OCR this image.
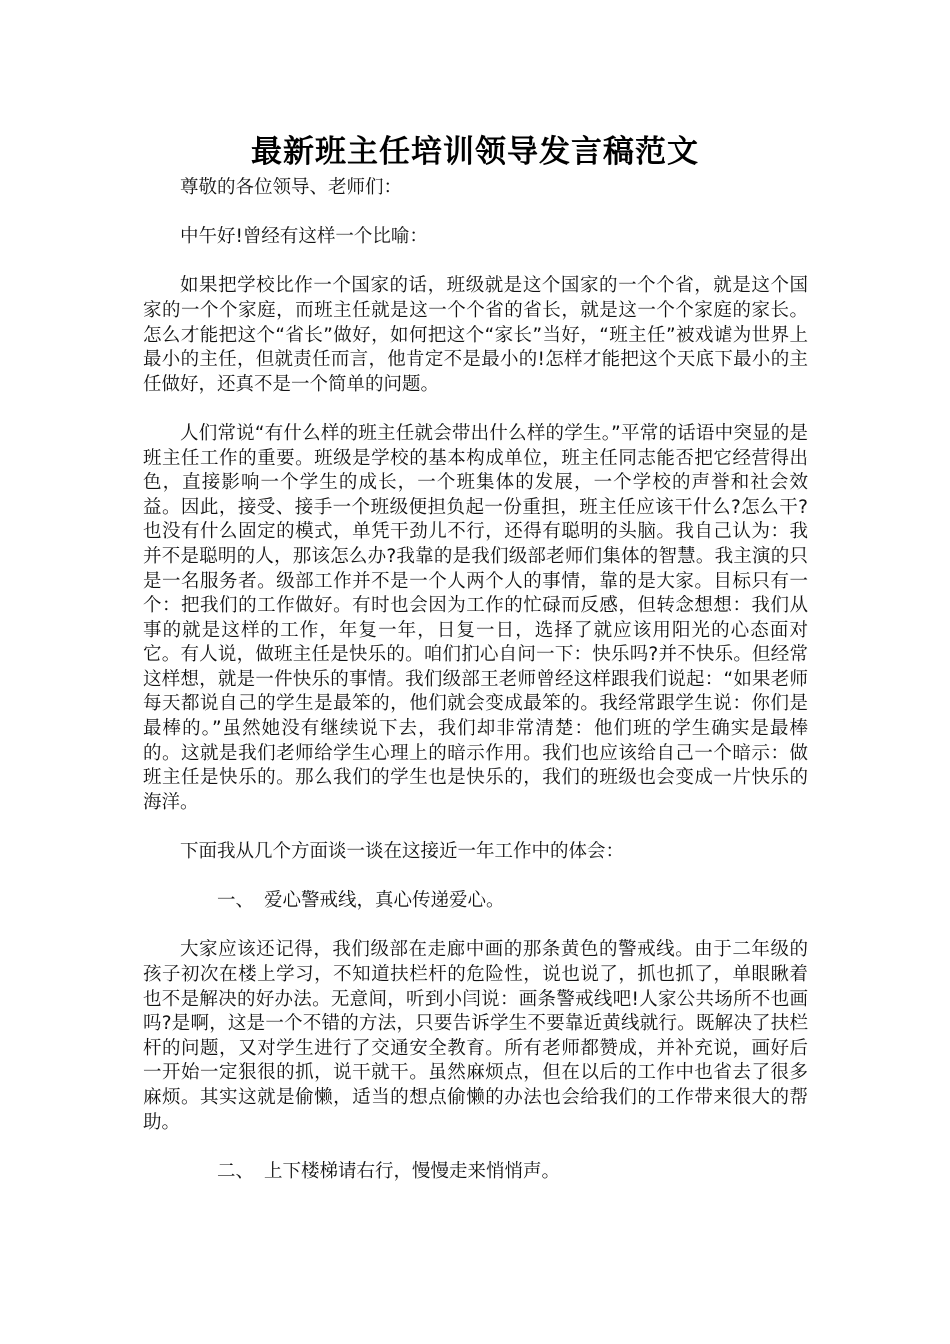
最新班主任培训领导发言稿范文

尊敬的各位领导、老师们：

中午好!曾经有这样一个比喻：

如果把学校比作一个国家的话，班级就是这个国家的一个个省，就是这个国家的一个个家庭，而班主任就是这一个个省的省长，就是这一个个家庭的家长。怎么才能把这个“省长”做好，如何把这个“家长”当好，“班主任”被戏谑为世界上最小的主任，但就责任而言，他肯定不是最小的!怎样才能把这个天底下最小的主任做好，还真不是一个简单的问题。

人们常说“有什么样的班主任就会带出什么样的学生。”平常的话语中突显的是班主任工作的重要。班级是学校的基本构成单位，班主任同志能否把它经营得出色，直接影响一个学生的成长，一个班集体的发展，一个学校的声誉和社会效益。因此，接受、接手一个班级便担负起一份重担，班主任应该干什么?怎么干?也没有什么固定的模式，单凭干劲儿不行，还得有聪明的头脑。我自己认为：我并不是聪明的人，那该怎么办?我靠的是我们级部老师们集体的智慧。我主演的只是一名服务者。级部工作并不是一个人两个人的事情，靠的是大家。目标只有一个：把我们的工作做好。有时也会因为工作的忙碌而反感，但转念想想：我们从事的就是这样的工作，年复一年，日复一日，选择了就应该用阳光的心态面对它。有人说，做班主任是快乐的。咱们扪心自问一下：快乐吗?并不快乐。但经常这样想，就是一件快乐的事情。我们级部王老师曾经这样跟我们说起：“如果老师每天都说自己的学生是最笨的，他们就会变成最笨的。我经常跟学生说：你们是最棒的。”虽然她没有继续说下去，我们却非常清楚：他们班的学生确实是最棒的。这就是我们老师给学生心理上的暗示作用。我们也应该给自己一个暗示：做班主任是快乐的。那么我们的学生也是快乐的，我们的班级也会变成一片快乐的海洋。

下面我从几个方面谈一谈在这接近一年工作中的体会：

一、 爱心警戒线，真心传递爱心。

大家应该还记得，我们级部在走廊中画的那条黄色的警戒线。由于二年级的孩子初次在楼上学习，不知道扶栏杆的危险性，说也说了，抓也抓了，单眼瞅着也不是解决的好办法。无意间，听到小闫说：画条警戒线吧!人家公共场所不也画吗?是啊，这是一个不错的方法，只要告诉学生不要靠近黄线就行。既解决了扶栏杆的问题，又对学生进行了交通安全教育。所有老师都赞成，并补充说，画好后一开始一定狠很的抓，说干就干。虽然麻烦点，但在以后的工作中也省去了很多麻烦。其实这就是偷懒，适当的想点偷懒的办法也会给我们的工作带来很大的帮助。

二、 上下楼梯请右行，慢慢走来悄悄声。
